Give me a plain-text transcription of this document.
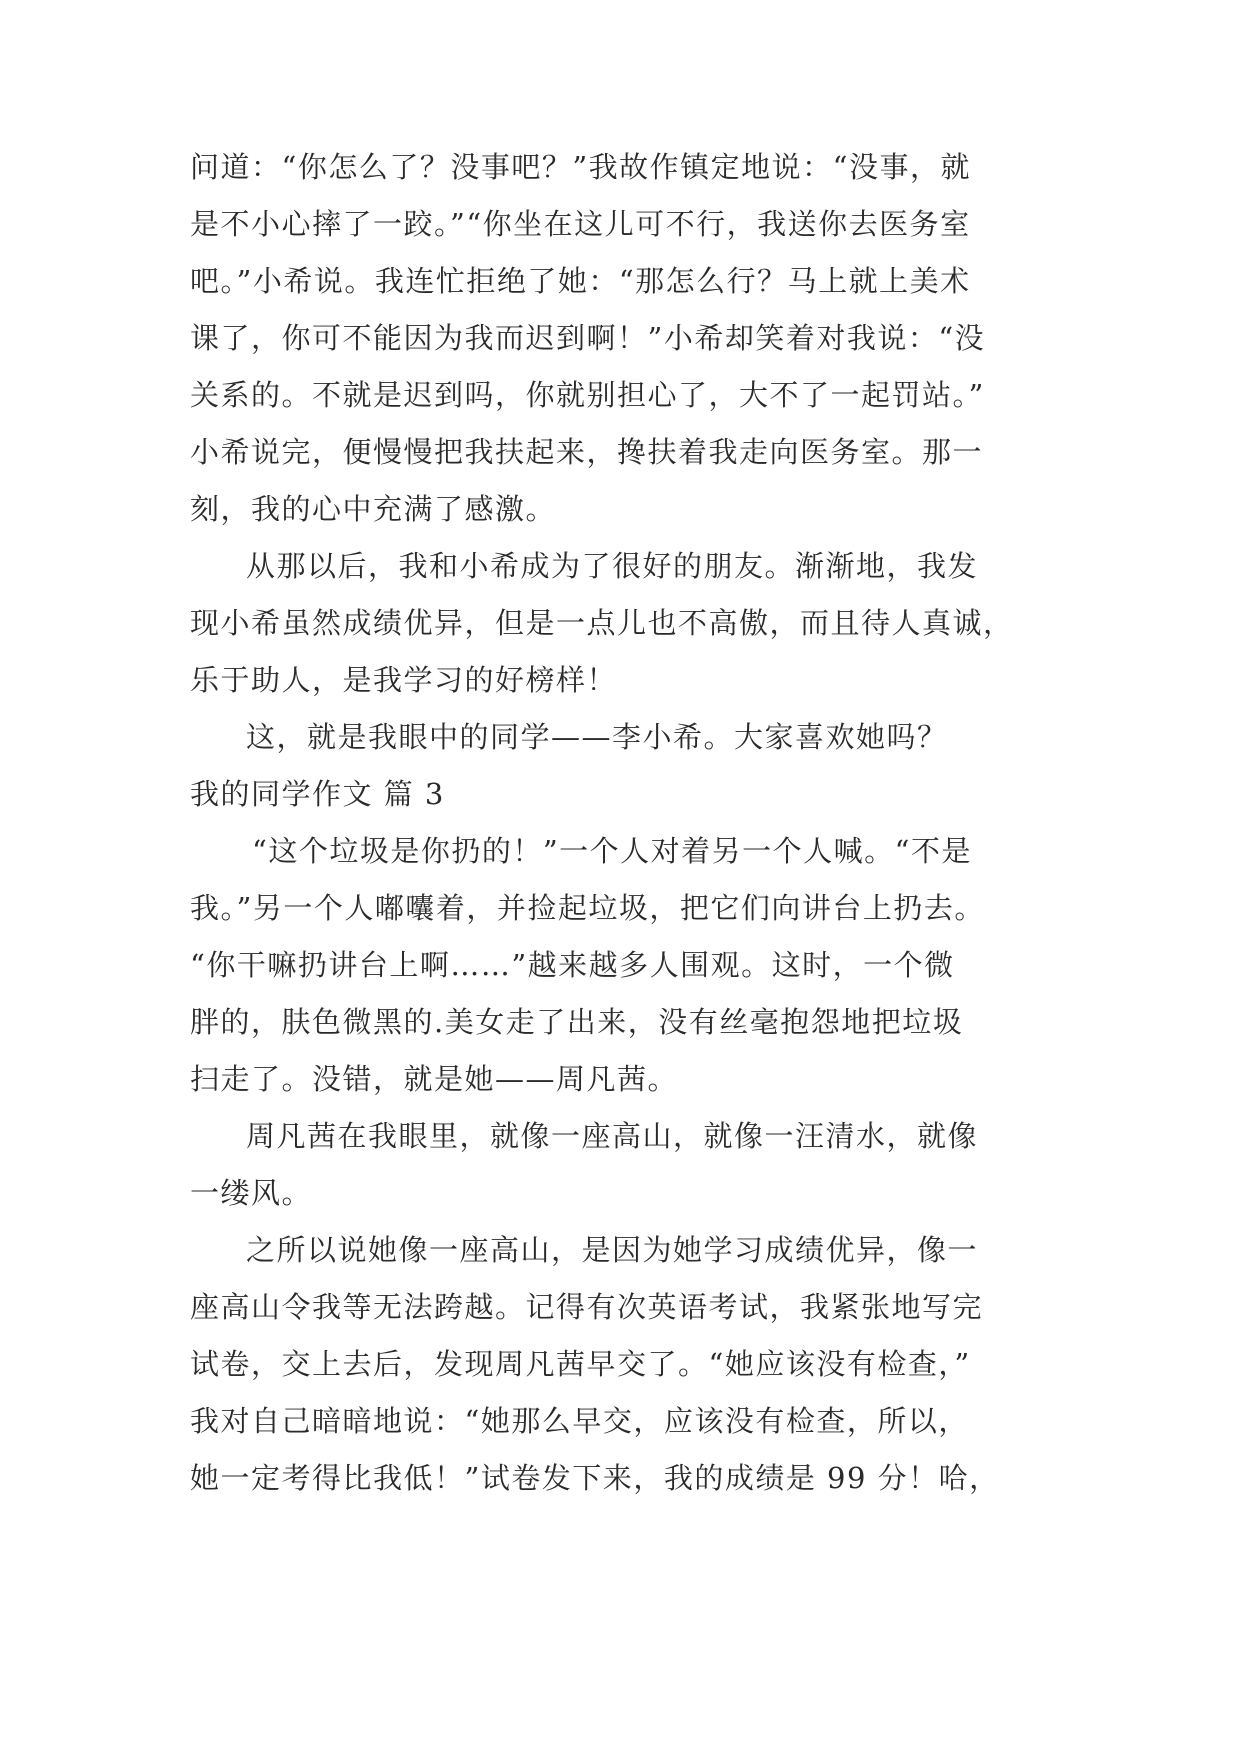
问道：“你怎么了？没事吧？”我故作镇定地说：“没事，就
是不小心摔了一跤。”“你坐在这儿可不行，我送你去医务室
吧。”小希说。我连忙拒绝了她：“那怎么行？马上就上美术
课了，你可不能因为我而迟到啊！”小希却笑着对我说：“没
关系的。不就是迟到吗，你就别担心了，大不了一起罚站。”
小希说完，便慢慢把我扶起来，搀扶着我走向医务室。那一
刻，我的心中充满了感激。
从那以后，我和小希成为了很好的朋友。渐渐地，我发
现小希虽然成绩优异，但是一点儿也不高傲，而且待人真诚，
乐于助人，是我学习的好榜样！
这，就是我眼中的同学——李小希。大家喜欢她吗？
我的同学作文 篇 3
“这个垃圾是你扔的！”一个人对着另一个人喊。“不是
我。”另一个人嘟囔着，并捡起垃圾，把它们向讲台上扔去。
“你干嘛扔讲台上啊……”越来越多人围观。这时，一个微
胖的，肤色微黑的.美女走了出来，没有丝毫抱怨地把垃圾
扫走了。没错，就是她——周凡茜。
周凡茜在我眼里，就像一座高山，就像一汪清水，就像
一缕风。
之所以说她像一座高山，是因为她学习成绩优异，像一
座高山令我等无法跨越。记得有次英语考试，我紧张地写完
试卷，交上去后，发现周凡茜早交了。“她应该没有检查，”
我对自己暗暗地说：“她那么早交，应该没有检查，所以，
她一定考得比我低！”试卷发下来，我的成绩是 99 分！哈，
